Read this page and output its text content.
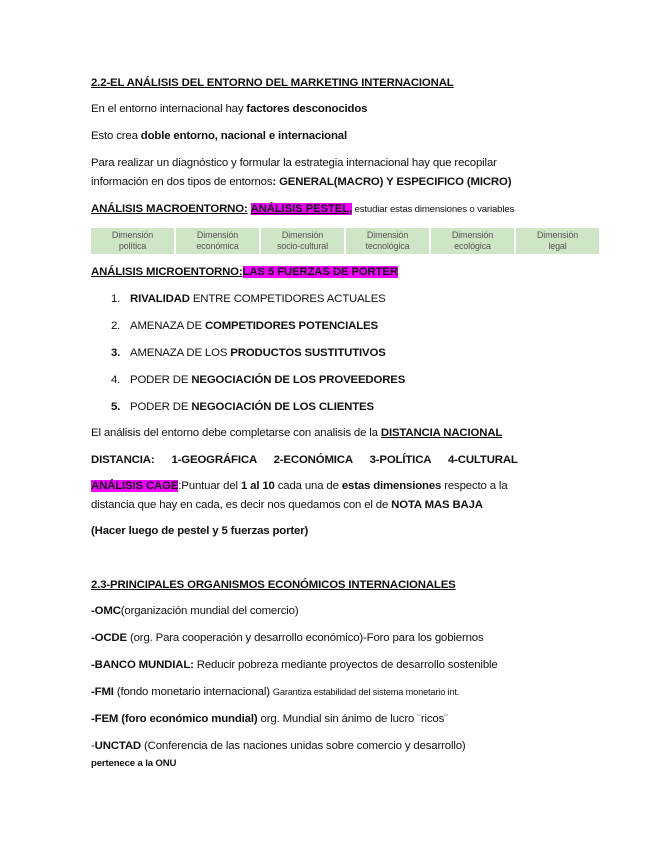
2.2-EL ANÁLISIS DEL ENTORNO DEL MARKETING INTERNACIONAL
En el entorno internacional hay factores desconocidos
Esto crea doble entorno, nacional e internacional
Para realizar un diagnóstico y formular la estrategia internacional hay que recopilar
información en dos tipos de entornos: GENERAL(MACRO) Y ESPECIFICO (MICRO)
ANÁLISIS MACROENTORNO: ANÁLISIS PESTEL, estudiar estas dimensiones o variables
Dimensión
política
Dimensión
económica
Dimensión
socio-cultural
Dimensión
tecnológica
Dimensión
ecológica
Dimensión
legal
ANÁLISIS MICROENTORNO:LAS 5 FUERZAS DE PORTER
1. RIVALIDAD ENTRE COMPETIDORES ACTUALES
2. AMENAZA DE COMPETIDORES POTENCIALES
3. AMENAZA DE LOS PRODUCTOS SUSTITUTIVOS
4. PODER DE NEGOCIACIÓN DE LOS PROVEEDORES
5. PODER DE NEGOCIACIÓN DE LOS CLIENTES
El análisis del entorno debe completarse con analisis de la DISTANCIA NACIONAL
DISTANCIA: 1-GEOGRÁFICA 2-ECONÓMICA 3-POLÍTICA 4-CULTURAL
ANÁLISIS CAGE:Puntuar del 1 al 10 cada una de estas dimensiones respecto a la
distancia que hay en cada, es decir nos quedamos con el de NOTA MAS BAJA
(Hacer luego de pestel y 5 fuerzas porter)
2.3-PRINCIPALES ORGANISMOS ECONÓMICOS INTERNACIONALES
-OMC(organización mundial del comercio)
-OCDE (org. Para cooperación y desarrollo económico)-Foro para los gobiernos
-BANCO MUNDIAL: Reducir pobreza mediante proyectos de desarrollo sostenible
-FMI (fondo monetario internacional) Garantiza estabilidad del sistema monetario int.
-FEM (foro económico mundial) org. Mundial sin ánimo de lucro ¨ricos¨
-UNCTAD (Conferencia de las naciones unidas sobre comercio y desarrollo)
pertenece a la ONU
